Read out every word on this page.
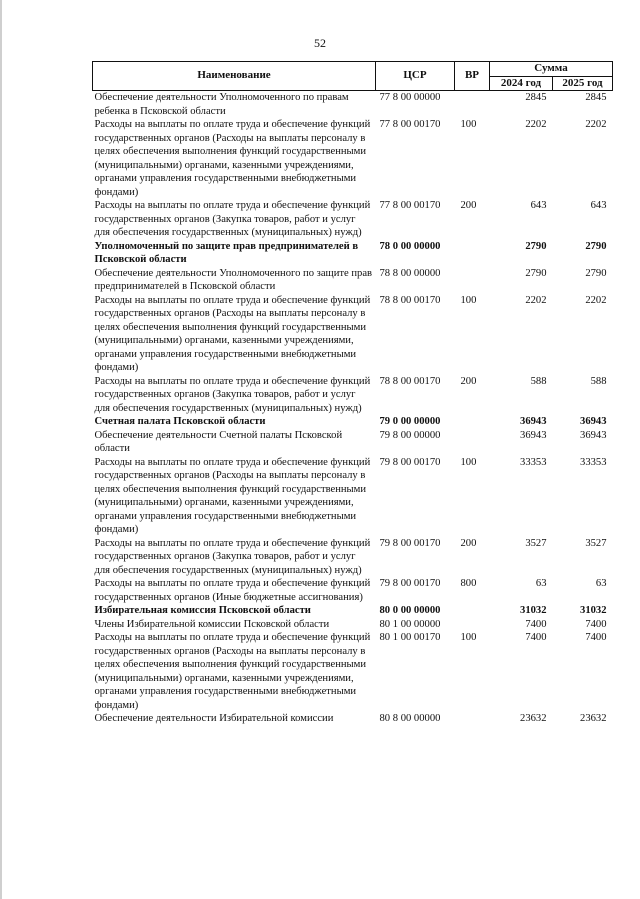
52
Наименование	ЦСР	ВР	Сумма	
			2024 год	2025 год
Обеспечение деятельности Уполномоченного по правам ребенка в Псковской области	77 8 00 00000		2845	2845
Расходы на выплаты по оплате труда и обеспечение функций государственных органов (Расходы на выплаты персоналу в целях обеспечения выполнения функций государственными (муниципальными) органами, казенными учреждениями, органами управления государственными внебюджетными фондами)	77 8 00 00170	100	2202	2202
Расходы на выплаты по оплате труда и обеспечение функций государственных органов (Закупка товаров, работ и услуг для обеспечения государственных (муниципальных) нужд)	77 8 00 00170	200	643	643
Уполномоченный по защите прав предпринимателей в Псковской области	78 0 00 00000		2790	2790
Обеспечение деятельности Уполномоченного по защите прав предпринимателей в Псковской области	78 8 00 00000		2790	2790
Расходы на выплаты по оплате труда и обеспечение функций государственных органов (Расходы на выплаты персоналу в целях обеспечения выполнения функций государственными (муниципальными) органами, казенными учреждениями, органами управления государственными внебюджетными фондами)	78 8 00 00170	100	2202	2202
Расходы на выплаты по оплате труда и обеспечение функций государственных органов (Закупка товаров, работ и услуг для обеспечения государственных (муниципальных) нужд)	78 8 00 00170	200	588	588
Счетная палата Псковской области	79 0 00 00000		36943	36943
Обеспечение деятельности Счетной палаты Псковской области	79 8 00 00000		36943	36943
Расходы на выплаты по оплате труда и обеспечение функций государственных органов (Расходы на выплаты персоналу в целях обеспечения выполнения функций государственными (муниципальными) органами, казенными учреждениями, органами управления государственными внебюджетными фондами)	79 8 00 00170	100	33353	33353
Расходы на выплаты по оплате труда и обеспечение функций государственных органов (Закупка товаров, работ и услуг для обеспечения государственных (муниципальных) нужд)	79 8 00 00170	200	3527	3527
Расходы на выплаты по оплате труда и обеспечение функций государственных органов (Иные бюджетные ассигнования)	79 8 00 00170	800	63	63
Избирательная комиссия Псковской области	80 0 00 00000		31032	31032
Члены Избирательной комиссии Псковской области	80 1 00 00000		7400	7400
Расходы на выплаты по оплате труда и обеспечение функций государственных органов (Расходы на выплаты персоналу в целях обеспечения выполнения функций государственными (муниципальными) органами, казенными учреждениями, органами управления государственными внебюджетными фондами)	80 1 00 00170	100	7400	7400
Обеспечение деятельности Избирательной комиссии	80 8 00 00000		23632	23632
